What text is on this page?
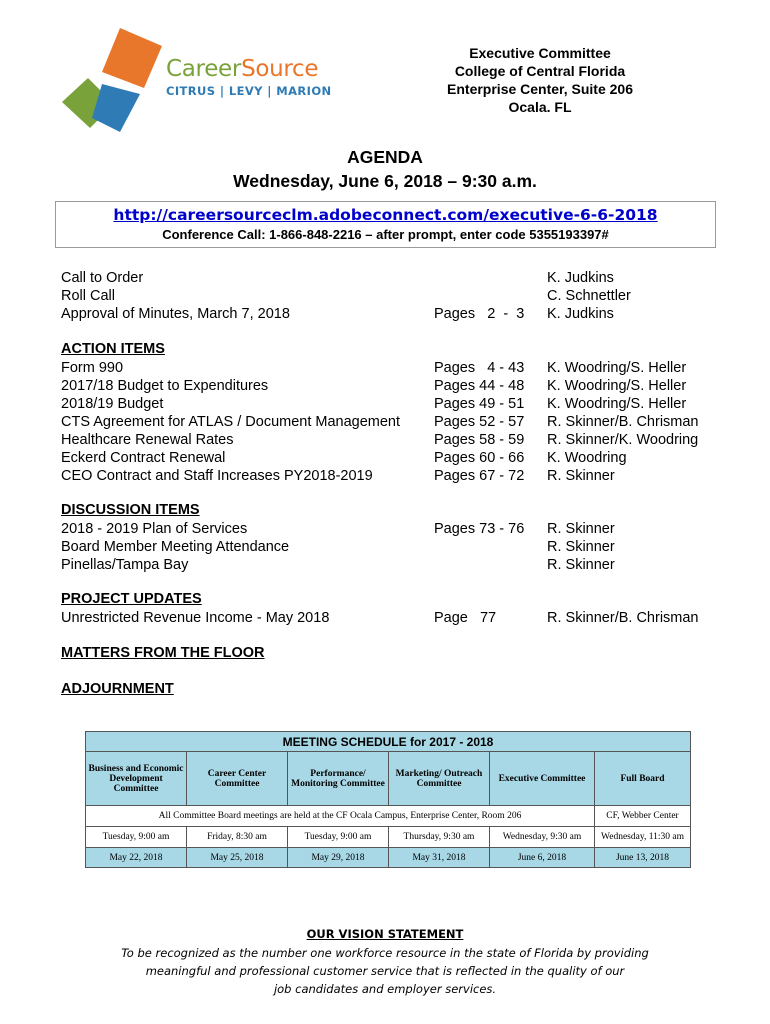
CareerSource
CITRUS | LEVY | MARION
Executive Committee
College of Central Florida
Enterprise Center, Suite 206
Ocala. FL
AGENDA
Wednesday, June 6, 2018 – 9:30 a.m.
http://careersourceclm.adobeconnect.com/executive-6-6-2018
Conference Call: 1-866-848-2216 – after prompt, enter code 5355193397#
Call to Order	K. Judkins
Roll Call	C. Schnettler
Approval of Minutes, March 7, 2018	Pages   2  -  3 K. Judkins
ACTION ITEMS
Form 990	Pages   4 - 43 K. Woodring/S. Heller
2017/18 Budget to Expenditures	Pages 44 - 48 K. Woodring/S. Heller
2018/19 Budget	Pages 49 - 51 K. Woodring/S. Heller
CTS Agreement for ATLAS / Document Management Pages 52 - 57 R. Skinner/B. Chrisman
Healthcare Renewal Rates	Pages 58 - 59 R. Skinner/K. Woodring
Eckerd Contract Renewal	Pages 60 - 66 K. Woodring
CEO Contract and Staff Increases PY2018-2019	Pages 67 - 72 R. Skinner
DISCUSSION ITEMS
2018 - 2019 Plan of Services	Pages 73 - 76 R. Skinner
Board Member Meeting Attendance	R. Skinner
Pinellas/Tampa Bay	R. Skinner
PROJECT UPDATES
Unrestricted Revenue Income - May 2018	Page   77	R. Skinner/B. Chrisman
MATTERS FROM THE FLOOR
ADJOURNMENT
MEETING SCHEDULE for 2017 - 2018					
Business and Economic Development Committee	Career Center Committee	Performance/ Monitoring Committee	Marketing/ Outreach Committee	Executive Committee	Full Board
All Committee Board meetings are held at the CF Ocala Campus, Enterprise Center, Room 206					CF, Webber Center
Tuesday, 9:00 am	Friday, 8:30 am	Tuesday, 9:00 am	Thursday, 9:30 am	Wednesday, 9:30 am	Wednesday, 11:30 am
May 22, 2018	May 25, 2018	May 29, 2018	May 31, 2018	June 6, 2018	June 13, 2018
OUR VISION STATEMENT
To be recognized as the number one workforce resource in the state of Florida by providing
meaningful and professional customer service that is reflected in the quality of our
job candidates and employer services.
